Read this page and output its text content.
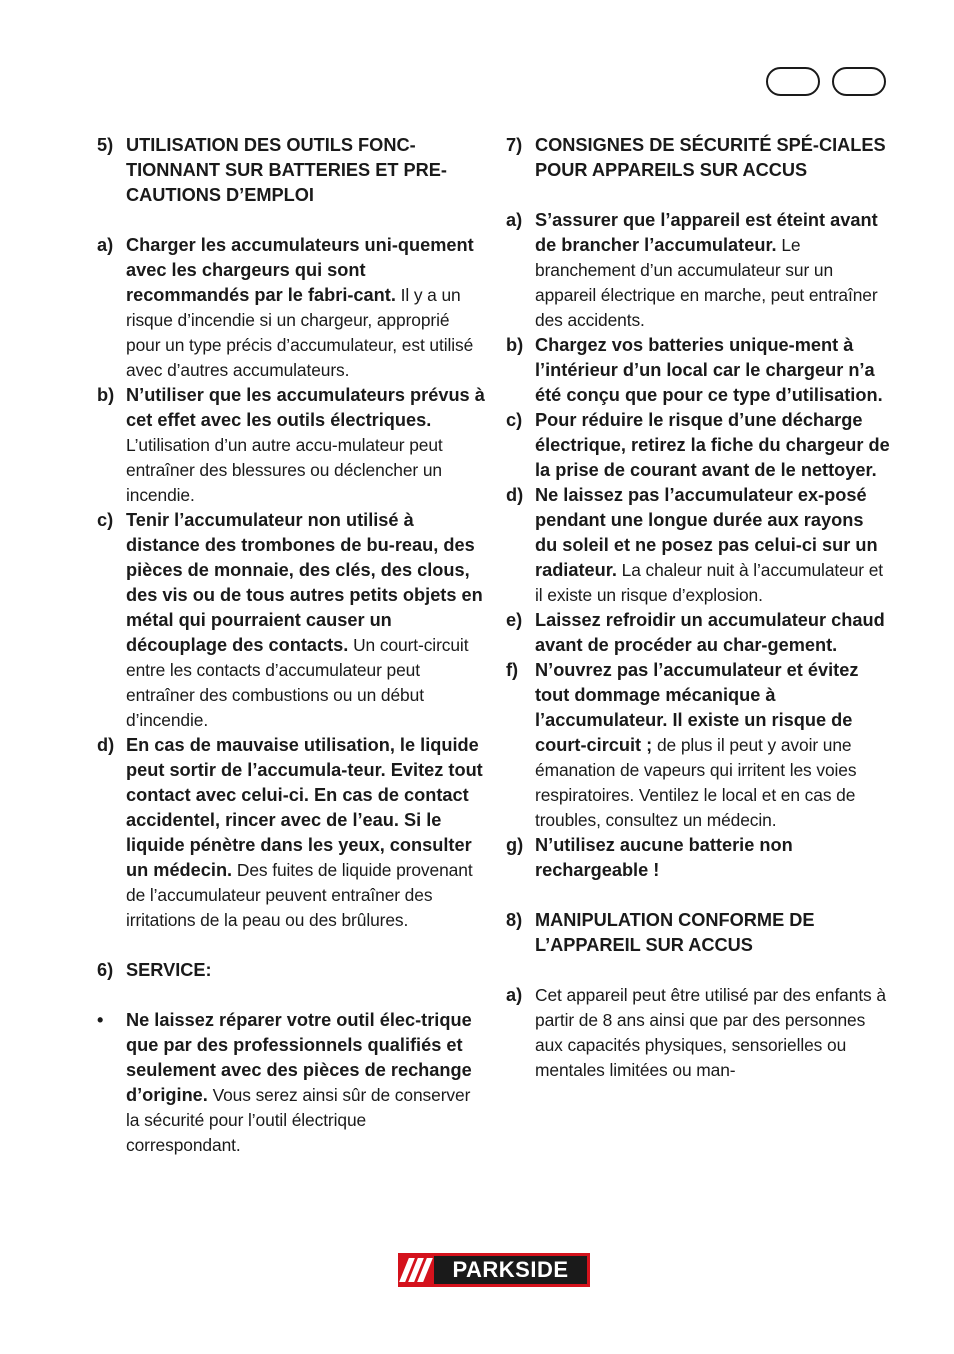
5) UTILISATION DES OUTILS FONC-TIONNANT SUR BATTERIES ET PRE-CAUTIONS D’EMPLOI
a) Charger les accumulateurs uni-quement avec les chargeurs qui sont recommandés par le fabri-cant. Il y a un risque d’incendie si un chargeur, approprié pour un type précis d’accumulateur, est utilisé avec d’autres accumulateurs.
b) N’utiliser que les accumulateurs prévus à cet effet avec les outils électriques. L’utilisation d’un autre accu-mulateur peut entraîner des blessures ou déclencher un incendie.
c) Tenir l’accumulateur non utilisé à distance des trombones de bu-reau, des pièces de monnaie, des clés, des clous, des vis ou de tous autres petits objets en métal qui pourraient causer un découplage des contacts. Un court-circuit entre les contacts d’accumulateur peut entraîner des combustions ou un début d’incendie.
d) En cas de mauvaise utilisation, le liquide peut sortir de l’accumula-teur. Evitez tout contact avec celui-ci. En cas de contact accidentel, rincer avec de l’eau. Si le liquide pénètre dans les yeux, consulter un médecin. Des fuites de liquide provenant de l’accumulateur peuvent entraîner des irritations de la peau ou des brûlures.
6) SERVICE:
•	Ne laissez réparer votre outil élec-trique que par des professionnels qualifiés et seulement avec des pièces de rechange d’origine. Vous serez ainsi sûr de conserver la sécurité pour l’outil électrique correspondant.
7) CONSIGNES DE SÉCURITÉ SPÉ-CIALES POUR APPAREILS SUR ACCUS
a) S’assurer que l’appareil est éteint avant de brancher l’accumulateur. Le branchement d’un accumulateur sur un appareil électrique en marche, peut entraîner des accidents.
b) Chargez vos batteries unique-ment à l’intérieur d’un local car le chargeur n’a été conçu que pour ce type d’utilisation.
c) Pour réduire le risque d’une décharge électrique, retirez la fiche du chargeur de la prise de courant avant de le nettoyer.
d) Ne laissez pas l’accumulateur ex-posé pendant une longue durée aux rayons du soleil et ne posez pas celui-ci sur un radiateur. La chaleur nuit à l’accumulateur et il existe un risque d’explosion.
e) Laissez refroidir un accumulateur chaud avant de procéder au char-gement.
f) N’ouvrez pas l’accumulateur et évitez tout dommage mécanique à l’accumulateur. Il existe un risque de court-circuit ; de plus il peut y avoir une émanation de vapeurs qui irritent les voies respiratoires. Ventilez le local et en cas de troubles, consultez un médecin.
g) N’utilisez aucune batterie non rechargeable !
8) MANIPULATION CONFORME DE L’APPAREIL SUR ACCUS
a) Cet appareil peut être utilisé par des enfants à partir de 8 ans ainsi que par des personnes aux capacités physiques, sensorielles ou mentales limitées ou man-
PARKSIDE
